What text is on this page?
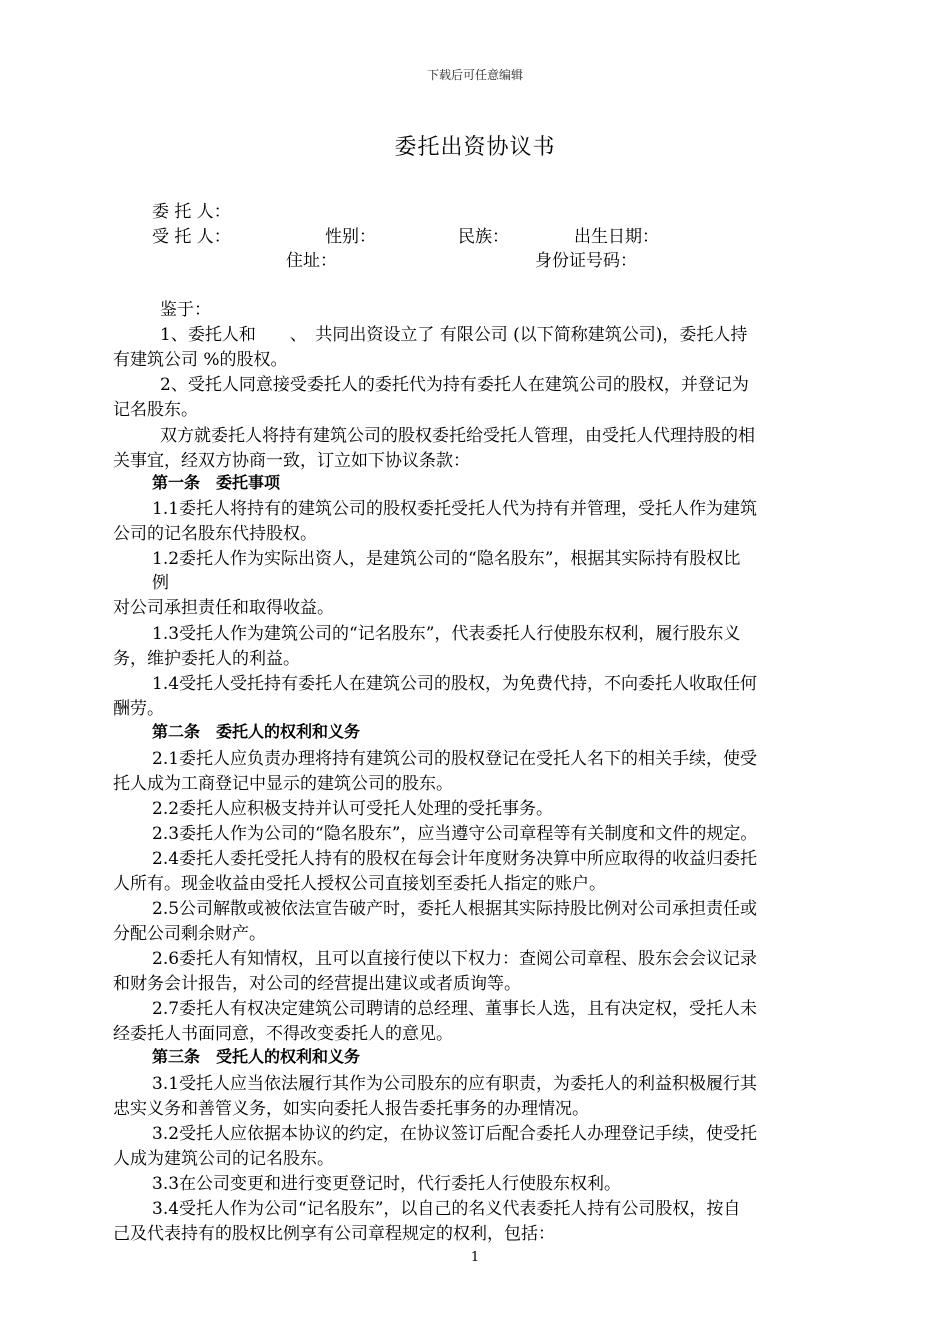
下载后可任意编辑
委托出资协议书
委 托 人：
受 托 人：	性别：	民族：	出生日期：
住址：	身份证号码：
鉴于：
1、委托人和　　、　共同出资设立了 有限公司 (以下简称建筑公司)，委托人持
有建筑公司 %的股权。
2、受托人同意接受委托人的委托代为持有委托人在建筑公司的股权，并登记为
记名股东。
双方就委托人将持有建筑公司的股权委托给受托人管理，由受托人代理持股的相
关事宜，经双方协商一致，订立如下协议条款：
第一条　委托事项
1.1委托人将持有的建筑公司的股权委托受托人代为持有并管理，受托人作为建筑
公司的记名股东代持股权。
1.2委托人作为实际出资人，是建筑公司的“隐名股东”，根据其实际持有股权比
例
对公司承担责任和取得收益。
1.3受托人作为建筑公司的“记名股东”，代表委托人行使股东权利，履行股东义
务，维护委托人的利益。
1.4受托人受托持有委托人在建筑公司的股权，为免费代持，不向委托人收取任何
酬劳。
第二条　委托人的权利和义务
2.1委托人应负责办理将持有建筑公司的股权登记在受托人名下的相关手续，使受
托人成为工商登记中显示的建筑公司的股东。
2.2委托人应积极支持并认可受托人处理的受托事务。
2.3委托人作为公司的“隐名股东”，应当遵守公司章程等有关制度和文件的规定。
2.4委托人委托受托人持有的股权在每会计年度财务决算中所应取得的收益归委托
人所有。现金收益由受托人授权公司直接划至委托人指定的账户。
2.5公司解散或被依法宣告破产时，委托人根据其实际持股比例对公司承担责任或
分配公司剩余财产。
2.6委托人有知情权，且可以直接行使以下权力：查阅公司章程、股东会会议记录
和财务会计报告，对公司的经营提出建议或者质询等。
2.7委托人有权决定建筑公司聘请的总经理、董事长人选，且有决定权，受托人未
经委托人书面同意，不得改变委托人的意见。
第三条　受托人的权利和义务
3.1受托人应当依法履行其作为公司股东的应有职责，为委托人的利益积极履行其
忠实义务和善管义务，如实向委托人报告委托事务的办理情况。
3.2受托人应依据本协议的约定，在协议签订后配合委托人办理登记手续，使受托
人成为建筑公司的记名股东。
3.3在公司变更和进行变更登记时，代行委托人行使股东权利。
3.4受托人作为公司“记名股东”，以自己的名义代表委托人持有公司股权，按自
己及代表持有的股权比例享有公司章程规定的权利，包括：
1
